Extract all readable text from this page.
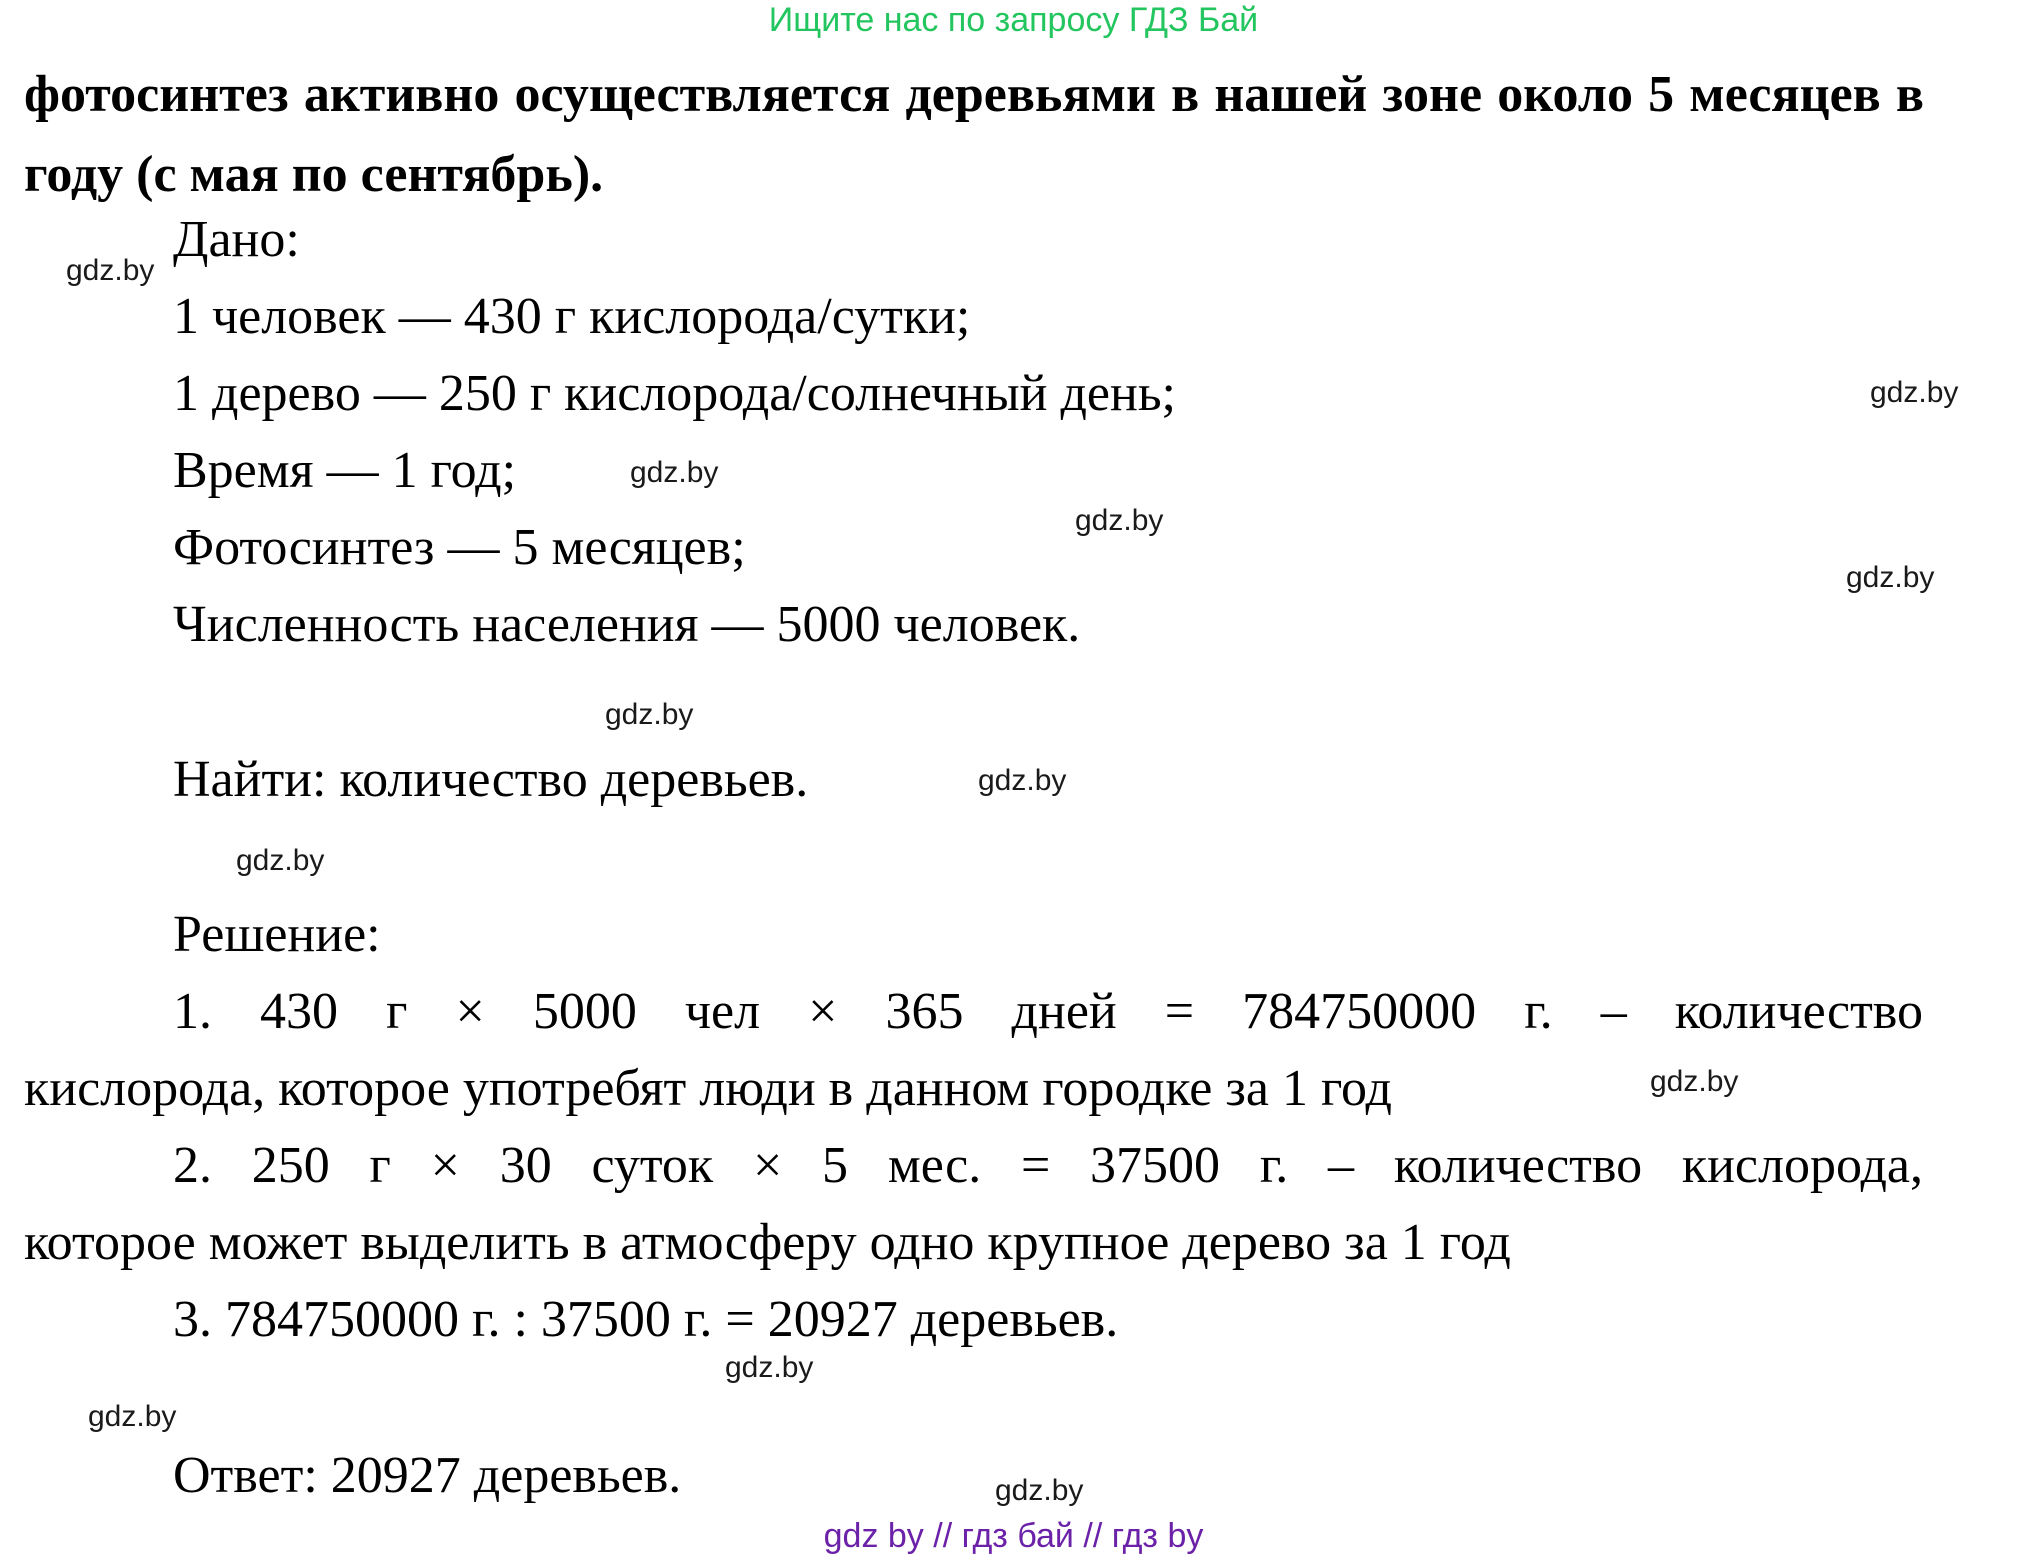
Ищите нас по запросу ГДЗ Бай
фотосинтез активно осуществляется деревьями в нашей зоне около 5 месяцев в году (с мая по сентябрь).
Дано:
1 человек — 430 г кислорода/сутки;
1 дерево — 250 г кислорода/солнечный день;
Время — 1 год;
Фотосинтез — 5 месяцев;
Численность населения — 5000 человек.
Найти: количество деревьев.
Решение:
1. 430 г × 5000 чел × 365 дней = 784750000 г. – количество
кислорода, которое употребят люди в данном городке за 1 год
2. 250 г × 30 суток × 5 мес. = 37500 г. – количество кислорода,
которое может выделить в атмосферу одно крупное дерево за 1 год
3. 784750000 г. : 37500 г. = 20927 деревьев.
Ответ: 20927 деревьев.
gdz.by
gdz.by
gdz.by
gdz.by
gdz.by
gdz.by
gdz.by
gdz.by
gdz.by
gdz.by
gdz.by
gdz.by
gdz by // гдз бай // гдз by
